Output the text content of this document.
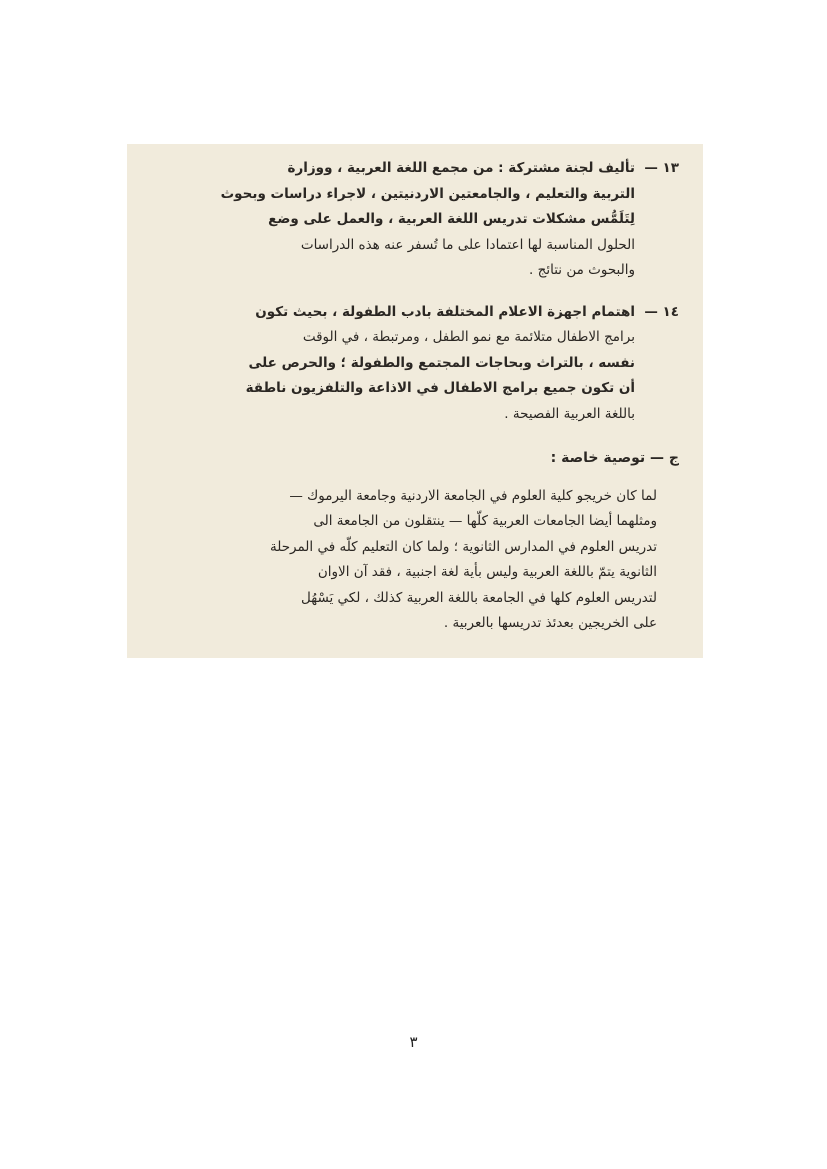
١٣ —
تأليف لجنة مشتركة : من مجمع اللغة العربية ، ووزارة
التربية والتعليم ، والجامعتين الاردنيتين ، لاجراء دراسات وبحوث
لِتَلَمُّس مشكلات تدريس اللغة العربية ، والعمل على وضع
الحلول المناسبة لها اعتمادا على ما تُسفر عنه هذه الدراسات
والبحوث من نتائج .
١٤ —
اهتمام اجهزة الاعلام المختلفة بادب الطفولة ، بحيث تكون
برامج الاطفال متلائمة مع نمو الطفل ، ومرتبطة ، في الوقت
نفسه ، بالتراث وبحاجات المجتمع والطفولة ؛ والحرص على
أن تكون جميع برامج الاطفال في الاذاعة والتلفزيون ناطقة
باللغة العربية الفصيحة .
ج — توصية خاصة :
لما كان خريجو كلية العلوم في الجامعة الاردنية وجامعة اليرموك —
ومثلهما أيضا الجامعات العربية كلّها — ينتقلون من الجامعة الى
تدريس العلوم في المدارس الثانوية ؛ ولما كان التعليم كلّه في المرحلة
الثانوية يتمّ باللغة العربية وليس بأية لغة اجنبية ، فقد آن الاوان
لتدريس العلوم كلها في الجامعة باللغة العربية كذلك ، لكي يَسْهُل
على الخريجين بعدئذ تدريسها بالعربية .
٣
